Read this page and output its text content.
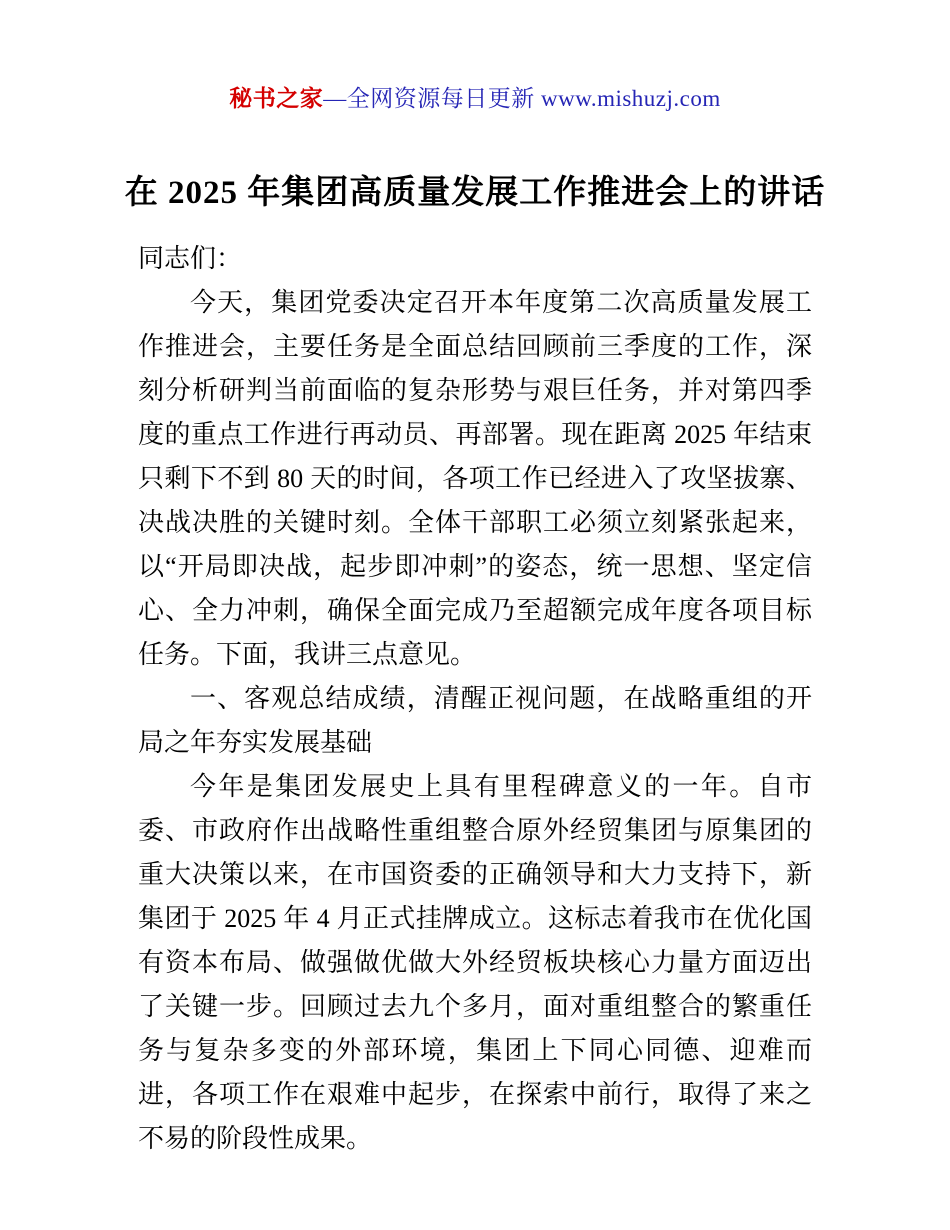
秘书之家—全网资源每日更新 www.mishuzj.com
在 2025 年集团高质量发展工作推进会上的讲话

同志们：

今天，集团党委决定召开本年度第二次高质量发展工作推进会，主要任务是全面总结回顾前三季度的工作，深刻分析研判当前面临的复杂形势与艰巨任务，并对第四季度的重点工作进行再动员、再部署。现在距离 2025 年结束只剩下不到 80 天的时间，各项工作已经进入了攻坚拔寨、决战决胜的关键时刻。全体干部职工必须立刻紧张起来，以“开局即决战，起步即冲刺”的姿态，统一思想、坚定信心、全力冲刺，确保全面完成乃至超额完成年度各项目标任务。下面，我讲三点意见。

一、客观总结成绩，清醒正视问题，在战略重组的开局之年夯实发展基础

今年是集团发展史上具有里程碑意义的一年。自市委、市政府作出战略性重组整合原外经贸集团与原集团的重大决策以来，在市国资委的正确领导和大力支持下，新集团于 2025 年 4 月正式挂牌成立。这标志着我市在优化国有资本布局、做强做优做大外经贸板块核心力量方面迈出了关键一步。回顾过去九个多月，面对重组整合的繁重任务与复杂多变的外部环境，集团上下同心同德、迎难而进，各项工作在艰难中起步，在探索中前行，取得了来之不易的阶段性成果。
